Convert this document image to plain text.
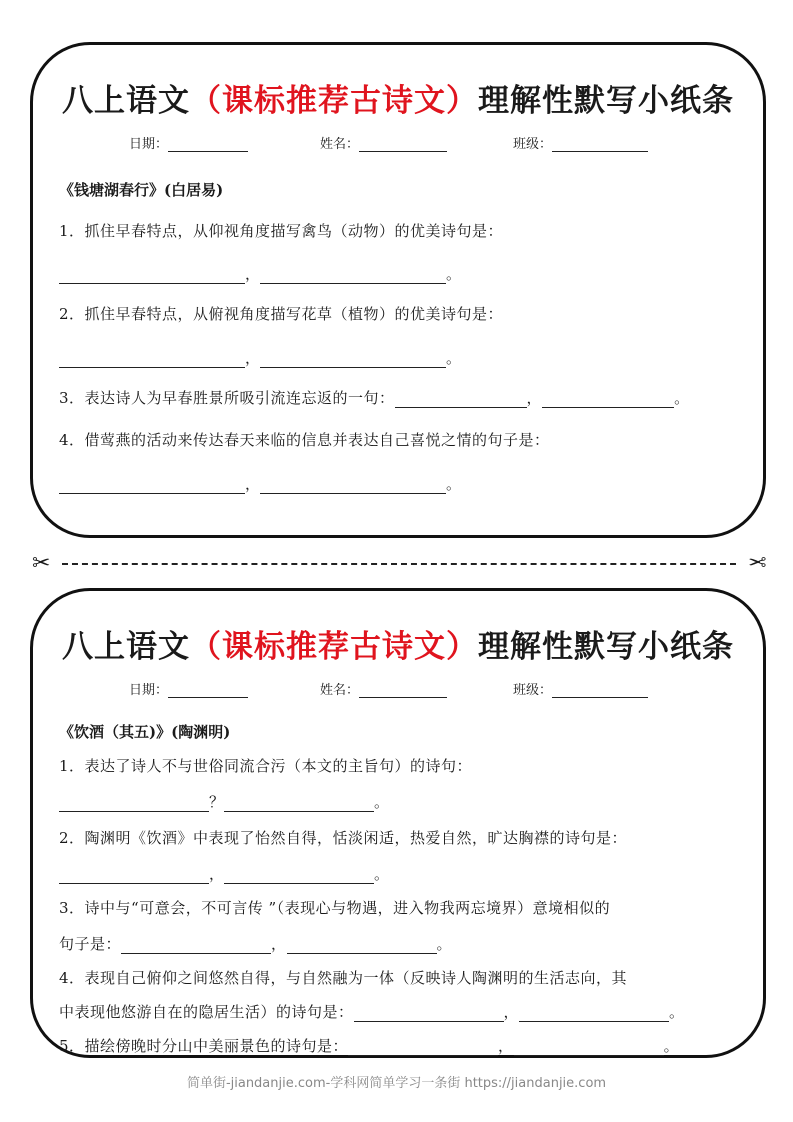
八上语文（课标推荐古诗文）理解性默写小纸条
日期：	姓名：	班级：
《钱塘湖春行》(白居易)
1．抓住早春特点，从仰视角度描写禽鸟（动物）的优美诗句是：
，	。
2．抓住早春特点，从俯视角度描写花草（植物）的优美诗句是：
，	。
3．表达诗人为早春胜景所吸引流连忘返的一句：	，	。
4．借莺燕的活动来传达春天来临的信息并表达自己喜悦之情的句子是：
，	。
✂	✂
八上语文（课标推荐古诗文）理解性默写小纸条
日期：	姓名：	班级：
《饮酒（其五)》(陶渊明)
1．表达了诗人不与世俗同流合污（本文的主旨句）的诗句：
？	。
2．陶渊明《饮酒》中表现了怡然自得，恬淡闲适，热爱自然，旷达胸襟的诗句是：
，	。
3．诗中与“可意会，不可言传 ”（表现心与物遇，进入物我两忘境界）意境相似的
句子是：	，	。
4．表现自己俯仰之间悠然自得，与自然融为一体（反映诗人陶渊明的生活志向，其
中表现他悠游自在的隐居生活）的诗句是：	，	。
5．描绘傍晚时分山中美丽景色的诗句是：	，	。
简单街-jiandanjie.com-学科网简单学习一条街 https://jiandanjie.com
